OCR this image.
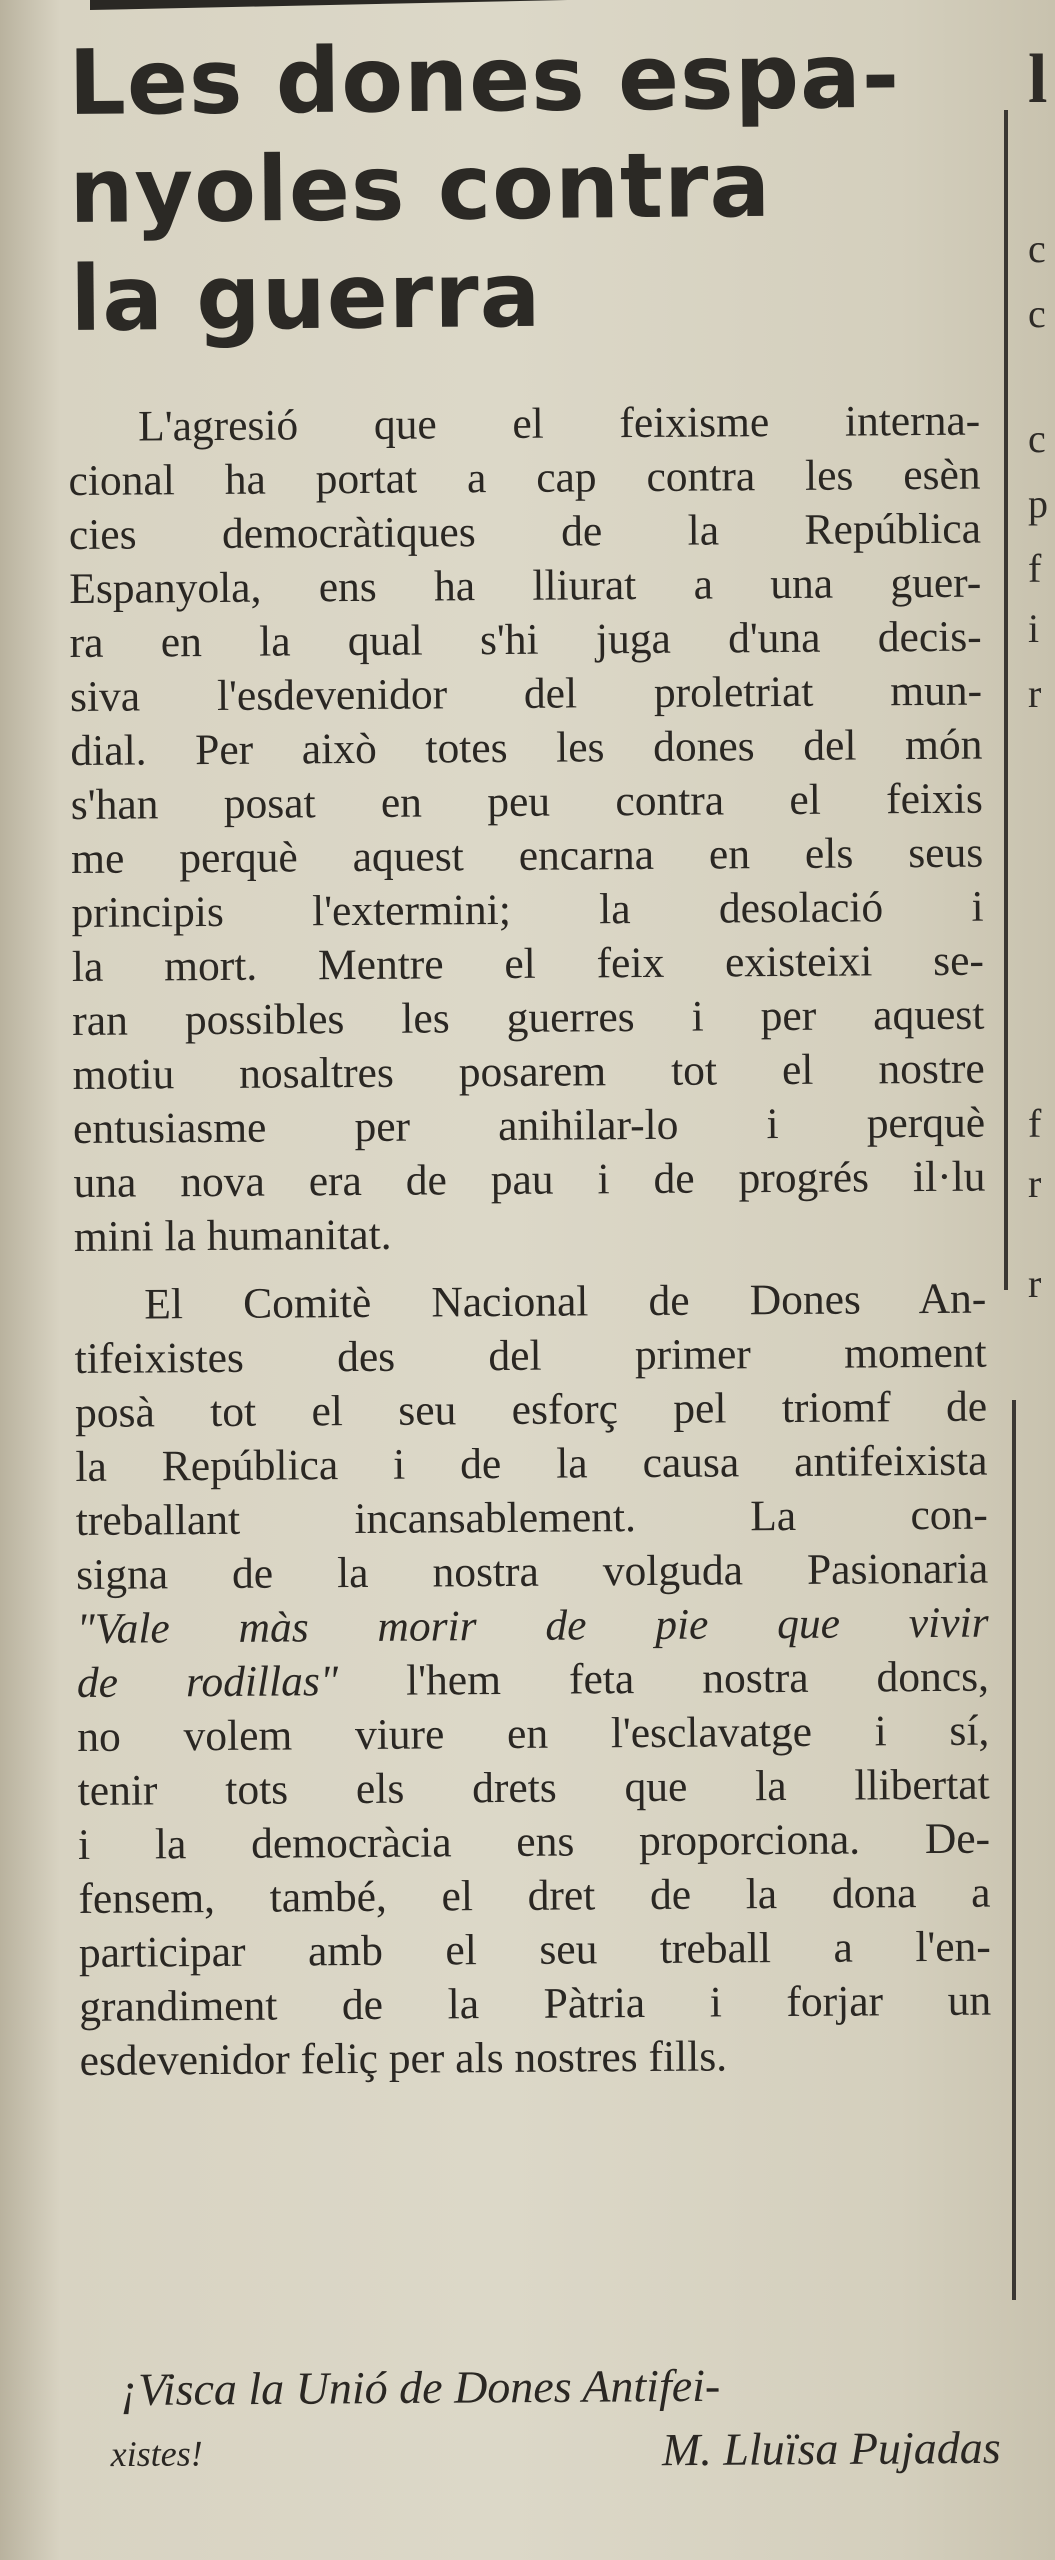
l
c
c
c
p
f
i
r
f
r
r
Les dones espa-
nyoles contra
la guerra
L'agresió que el feixisme interna-
cional ha portat a cap contra les esèn
cies democràtiques de la República
Espanyola, ens ha lliurat a una guer-
ra en la qual s'hi juga d'una decis-
siva l'esdevenidor del proletriat mun-
dial. Per això totes les dones del món
s'han posat en peu contra el feixis
me perquè aquest encarna en els seus
principis l'extermini; la desolació i
la mort. Mentre el feix existeixi se-
ran possibles les guerres i per aquest
motiu nosaltres posarem tot el nostre
entusiasme per anihilar-lo i perquè
una nova era de pau i de progrés il·lu
mini la humanitat.
El Comitè Nacional de Dones An-
tifeixistes des del primer moment
posà tot el seu esforç pel triomf de
la República i de la causa antifeixista
treballant incansablement. La con-
signa de la nostra volguda Pasionaria
"Vale màs morir de pie que vivir
de rodillas" l'hem feta nostra doncs,
no volem viure en l'esclavatge i sí,
tenir tots els drets que la llibertat
i la democràcia ens proporciona. De-
fensem, també, el dret de la dona a
participar amb el seu treball a l'en-
grandiment de la Pàtria i forjar un
esdevenidor feliç per als nostres fills.
¡Visca la Unió de Dones Antifei-
xistes!	M. Lluïsa Pujadas
